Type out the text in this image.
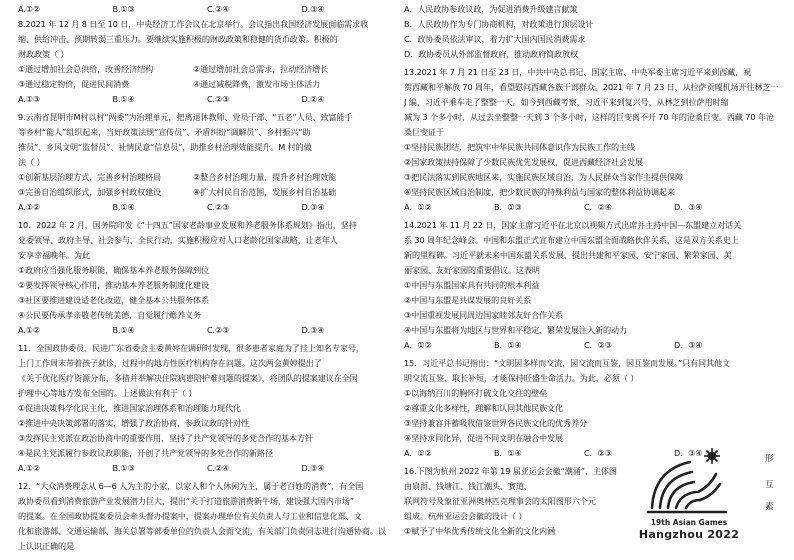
A.①②	B.①③	C.②④	D.③④
8.2021 年 12 月 8 日至 10 日，中央经济工作会议在北京举行。会议指出我国经济发展面临需求收
缩、供给冲击、预期转弱三重压力。要继续实施积极的财政政策和稳健的货币政策。积极的
财政政策（ ）
①通过增加社会总供给，改善经济结构	②通过增加社会总需求，拉动经济增长
③通过稳定物价，促进民间消费	④通过减税降费，激发市场主体活力
A.①③	B.①④	C.②③	D.②④
9.云南省昆明市M村以村“两委”为治理单元，把离退休教师、党员干部、“五老”人员、致富能手
等乡村“能人”组织起来，当好政策法规“宣传员”、矛盾纠纷“调解员”、乡村振兴“助
推员”、乡风文明“监督员”、社情民意“信息员”，助推乡村治理效能提升。M 村的做
法（ ）
①创新基层治理方式，完善乡村治理格局	②整合乡村治理力量，提升乡村治理效能
③完善自治组织形式，加强乡村政权建设	④扩大村民自治范围，发展乡村自治基础
A.①②	B.①④	C.②③	D.③④
10．2022 年 2 月，国务院印发《“十四五”国家老龄事业发展和养老服务体系规划》指出，坚持
党委领导、政府主导、社会参与、全民行动，实施积极应对人口老龄化国家战略，让老年人
安享幸福晚年。为此
①政府应当强化服务职能，确保基本养老服务保障到位
②要发挥领导核心作用，推动基本养老服务制度化建设
③社区要推进建设适老化改造，健全基本公共服务体系
④公民要传承孝亲敬老传统美德，自觉履行赡养义务
A.①②	B.①④	C.②③	D.③④
11．全国政协委员、民进广东省委会主委黄婷在调研时发现，很多患者家庭为了挂上知名专家号，
上门工作周末带着孩子就诊，过程中的地方性医疗机构存在问题。这次两会黄婷提出了
《关于优化医疗资源分布，多措并举解决住院病患陪护难问题的提案》，将团队的提案建议在全国
护理中心等地方发布全国的。上述做法有利于（ ）
①促进决策科学化民主化，推进国家治理体系和治理能力现代化
②推进中央决策部署的落实，增强了政治协商，参政议政的针对性
③发挥民主党派在政治协商中的重要作用，坚持了共产党领导的多党合作的基本方针
④是民主党派履行参政议政职能，开创了共产党领导的多党合作的新路径
A.①②	B.①③	C.②④	D.③④
12．“大众消费理念从 6—6 人为主的小家，以家人和个人休闲为主，属于老百姓的消费”，有全国
政协委员看到消费旅游产业发展潜力巨大，提出“关于打造旅游消费新牛场，建设强大国内市场”
的提案。在全国政协提案委员会牵头督办提案中，提案办理单位有关负责人与工业和信息化部、文
化和旅游部、交通运输部、海关总署等部委单位的负责人会面交流，有关部门负责同志进行沟通协商。以
上认识正确的是
A．人民政协参政议政，为促进消费升级建言献策
B．人民政协作为专门协商机构，对政策进行顶层设计
C．政协委员依法审议，着力扩大国内国民消费需求
D．政协委员从外部监督政府，推动政府简政放权
13.2021 年 7 月 21 日至 23 日，中共中央总书记、国家主席、中央军委主席习近平来到西藏，祝
贺西藏和平解放 70 周年，看望慰问西藏各族干部群众。2021 年 7 月 23 日，从拉萨贡嘎机场开往林芝一
J 编，习近平乘车走了整整一天。如今到西藏考察，习近平来到复兴号，从林芝到拉萨用时缩
减为 3 个多小时，从过去坐整整一天到 3 个多小时，这样的巨变离不开 70 年的沧桑巨变。西藏 70 年沧
桑巨变证于
①坚持民族团结，把筑牢中华民族共同体意识作为民族工作的主线
②国家政策扶持保障了少数民族优先发展权，促进西藏经济社会发展
③把民法落实到民族地区来，实施民族区域自治，为人民群众当家作主提供保障
④坚持民族区域自治制度，把少数民族的特殊利益与国家的整体利益协调起来
A．①②	B．①③	C．②④	D．③④
14.2021 年 11 月 22 日，国家主席习近平在北京以视频方式出席并主持中国—东盟建立对话关
系 30 周年纪念峰会。中国和东盟正式宣布建立中国东盟全面战略伙伴关系，这是双方关系史上
新的里程碑。习近平就未来中国东盟关系发展，提出共建和平家园、安宁家园、繁荣家园、美
丽家园、友好家园的重要倡议。这表明
①中国与东盟国家具有共同的根本利益
②中国与东盟是共谋发展的良好关系
③中国重视发展同周边国家睦邻友好合作关系
④中国与东盟将为地区与世界和平稳定、繁荣发展注入新的动力
A．①②	B．①④	C．②③	D．③④
15．习近平总书记指出：“文明因多样而交流，因交流而互鉴，因互鉴而发展。”只有同其他文
明交流互鉴、取长补短，才能保持旺盛生命活力。为此，必须（ ）
①以海纳百川的胸怀打破文化交往的壁垒
②尊重文化多样性，理解和认同其他民族文化
③坚持兼容并蓄吸收借鉴世界各民族文化的优秀养分
④坚持求同化异，促进不同文明在融合中发展
A．①②	B．①④	C．②③	D．③④
16.下图为杭州 2022 年第 19 届亚运会会徽“潮涌”，主体图
由扇面、钱塘江、钱江潮头、赛道、
联网符号及象征亚洲奥林匹克理事会的太阳图形六个元
组成。杭州亚运会会徽的设计（ ）
①赋予了中华优秀传统文化全新的文化内涵
19th Asian Games
Hangzhou 2022
形
互
素
